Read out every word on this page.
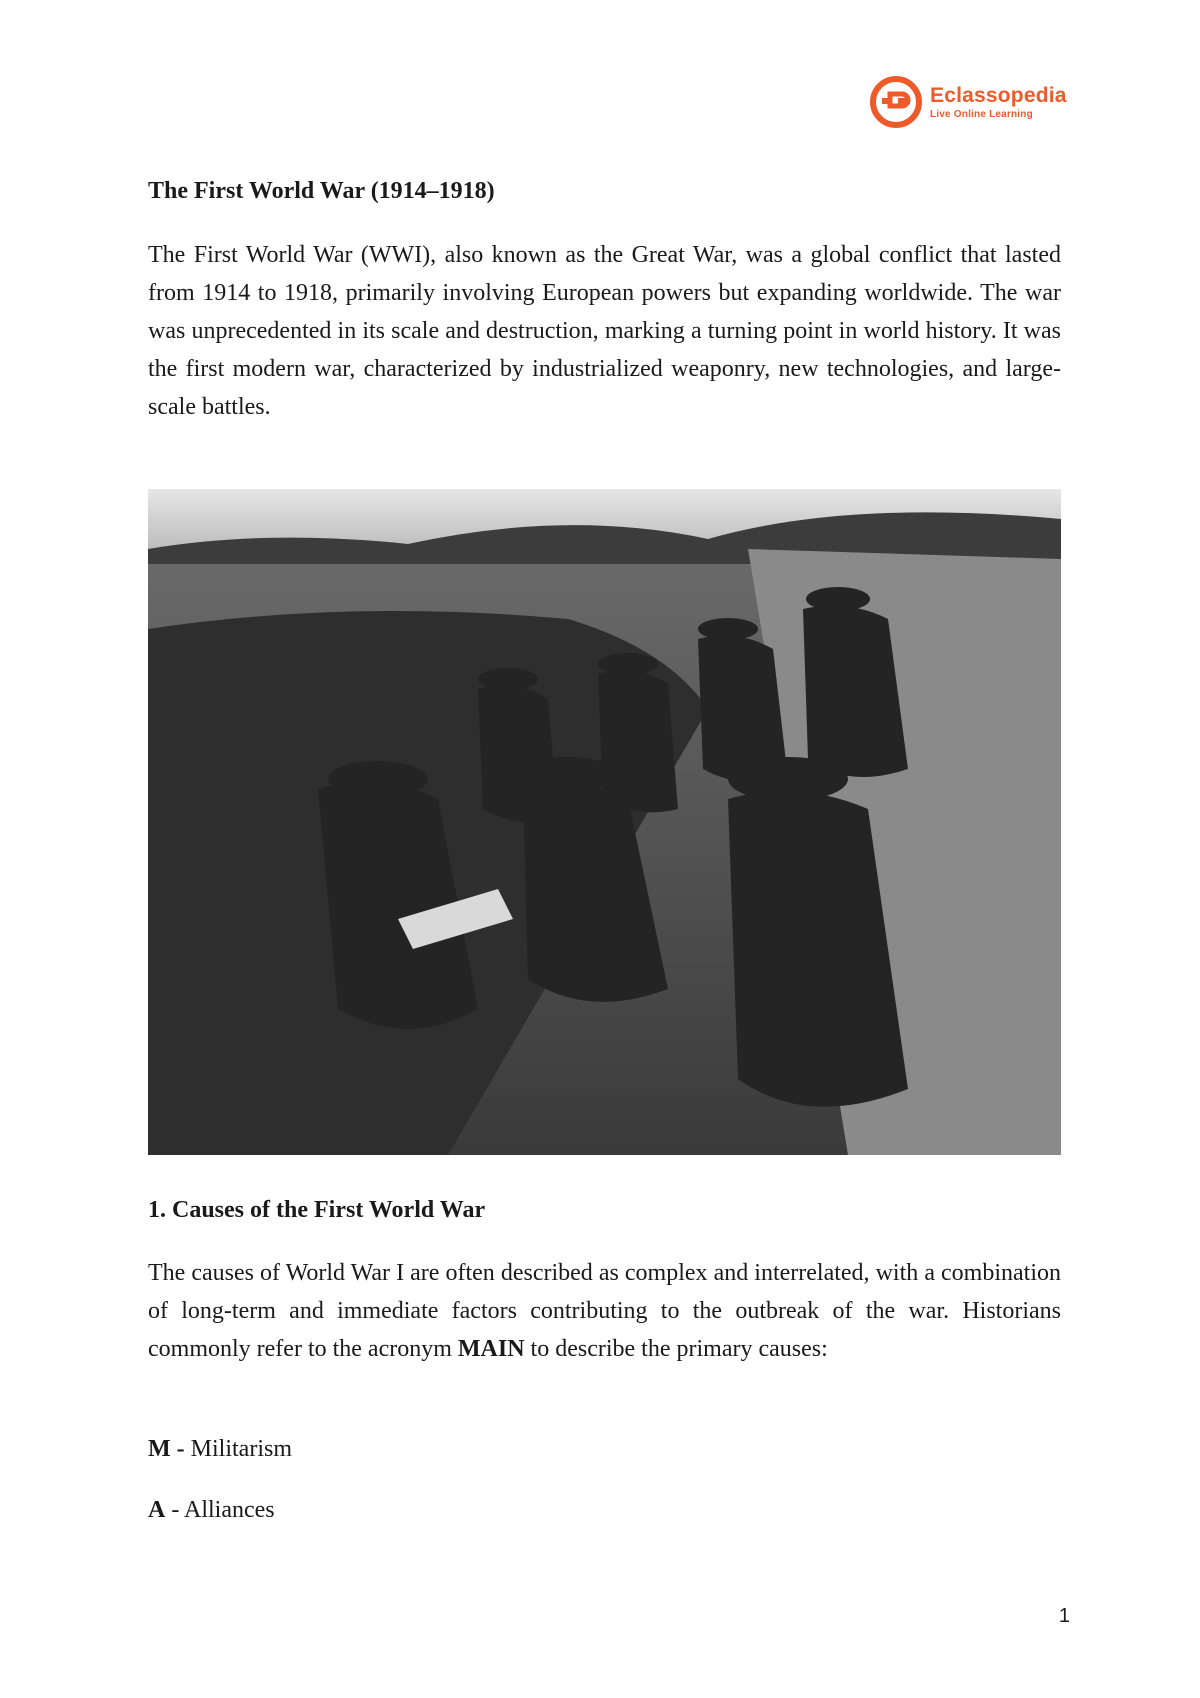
Eclassopedia
Live Online Learning
The First World War (1914–1918)

The First World War (WWI), also known as the Great War, was a global conflict that lasted from 1914 to 1918, primarily involving European powers but expanding worldwide. The war was unprecedented in its scale and destruction, marking a turning point in world history. It was the first modern war, characterized by industrialized weaponry, new technologies, and large-scale battles.

1. Causes of the First World War

The causes of World War I are often described as complex and interrelated, with a combination of long-term and immediate factors contributing to the outbreak of the war. Historians commonly refer to the acronym MAIN to describe the primary causes:

M - Militarism

A - Alliances

1
